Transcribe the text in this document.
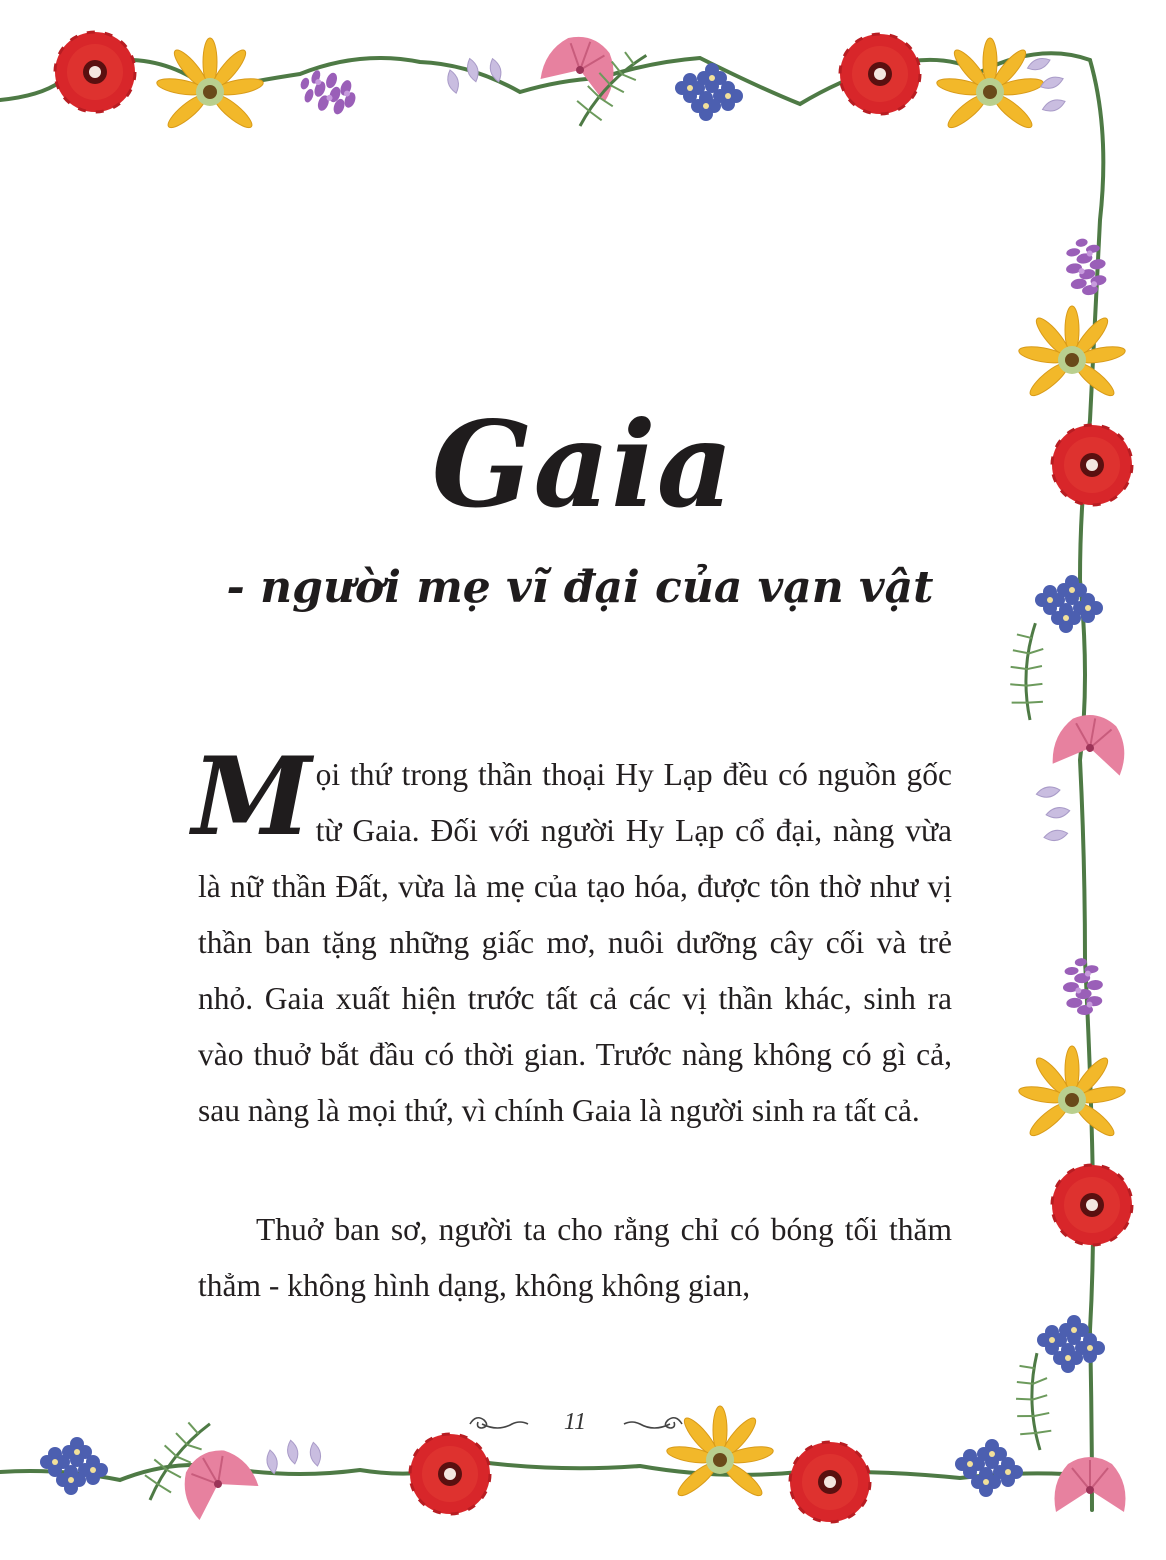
Gaia
- người mẹ vĩ đại của vạn vật

Mọi thứ trong thần thoại Hy Lạp đều có nguồn gốc từ Gaia. Đối với người Hy Lạp cổ đại, nàng vừa là nữ thần Đất, vừa là mẹ của tạo hóa, được tôn thờ như vị thần ban tặng những giấc mơ, nuôi dưỡng cây cối và trẻ nhỏ. Gaia xuất hiện trước tất cả các vị thần khác, sinh ra vào thuở bắt đầu có thời gian. Trước nàng không có gì cả, sau nàng là mọi thứ, vì chính Gaia là người sinh ra tất cả.

Thuở ban sơ, người ta cho rằng chỉ có bóng tối thăm thẳm - không hình dạng, không không gian,

11
